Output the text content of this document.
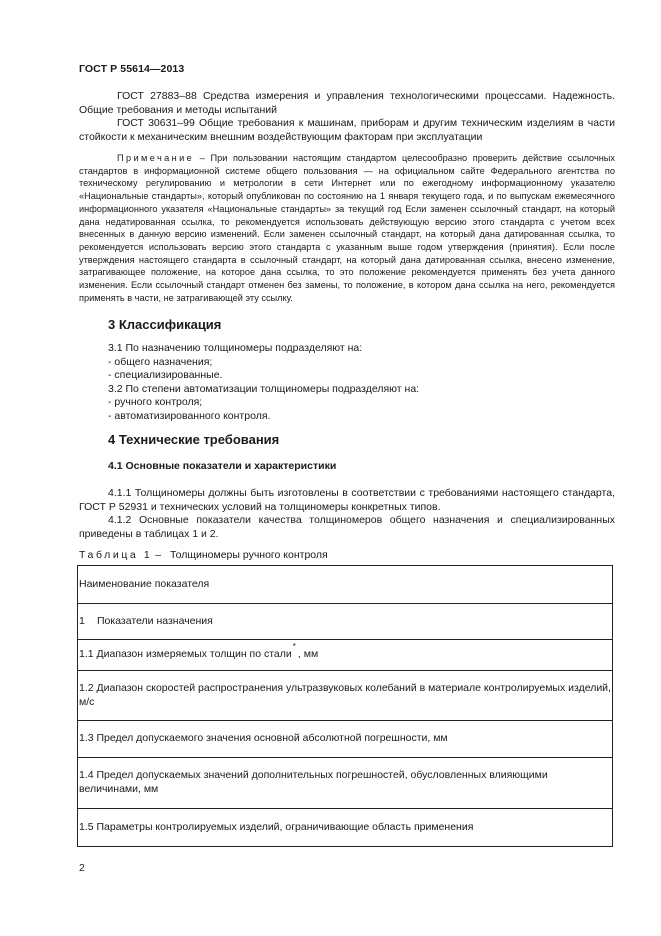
ГОСТ Р 55614—2013

ГОСТ 27883–88 Средства измерения и управления технологическими процессами. Надежность. Общие требования и методы испытаний

ГОСТ 30631–99 Общие требования к машинам, приборам и другим техническим изделиям в части стойкости к механическим внешним воздействующим факторам при эксплуатации

Примечание – При пользовании настоящим стандартом целесообразно проверить действие ссылочных стандартов в информационной системе общего пользования — на официальном сайте Федерального агентства по техническому регулированию и метрологии в сети Интернет или по ежегодному информационному указателю «Национальные стандарты», который опубликован по состоянию на 1 января текущего года, и по выпускам ежемесячного информационного указателя «Национальные стандарты» за текущий год Если заменен ссылочный стандарт, на который дана недатированная ссылка, то рекомендуется использовать действующую версию этого стандарта с учетом всех внесенных в данную версию изменений. Если заменен ссылочный стандарт, на который дана датированная ссылка, то рекомендуется использовать версию этого стандарта с указанным выше годом утверждения (принятия). Если после утверждения настоящего стандарта в ссылочный стандарт, на который дана датированная ссылка, внесено изменение, затрагивающее положение, на которое дана ссылка, то это положение рекомендуется применять без учета данного изменения. Если ссылочный стандарт отменен без замены, то положение, в котором дана ссылка на него, рекомендуется применять в части, не затрагивающей эту ссылку.
3 Классификация
3.1 По назначению толщиномеры подразделяют на:
- общего назначения;
- специализированные.
3.2 По степени автоматизации толщиномеры подразделяют на:
- ручного контроля;
- автоматизированного контроля.
4 Технические требования
4.1 Основные показатели и характеристики

4.1.1 Толщиномеры должны быть изготовлены в соответствии с требованиями настоящего стандарта, ГОСТ Р 52931 и технических условий на толщиномеры конкретных типов.

4.1.2 Основные показатели качества толщиномеров общего назначения и специализированных приведены в таблицах 1 и 2.

Таблица 1 – Толщиномеры ручного контроля
Наименование показателя
1 Показатели назначения
1.1 Диапазон измеряемых толщин по стали*, мм
1.2 Диапазон скоростей распространения ультразвуковых колебаний в материале контролируемых изделий, м/с
1.3 Предел допускаемого значения основной абсолютной погрешности, мм
1.4 Предел допускаемых значений дополнительных погрешностей, обусловленных влияющими величинами, мм
1.5 Параметры контролируемых изделий, ограничивающие область применения
2
